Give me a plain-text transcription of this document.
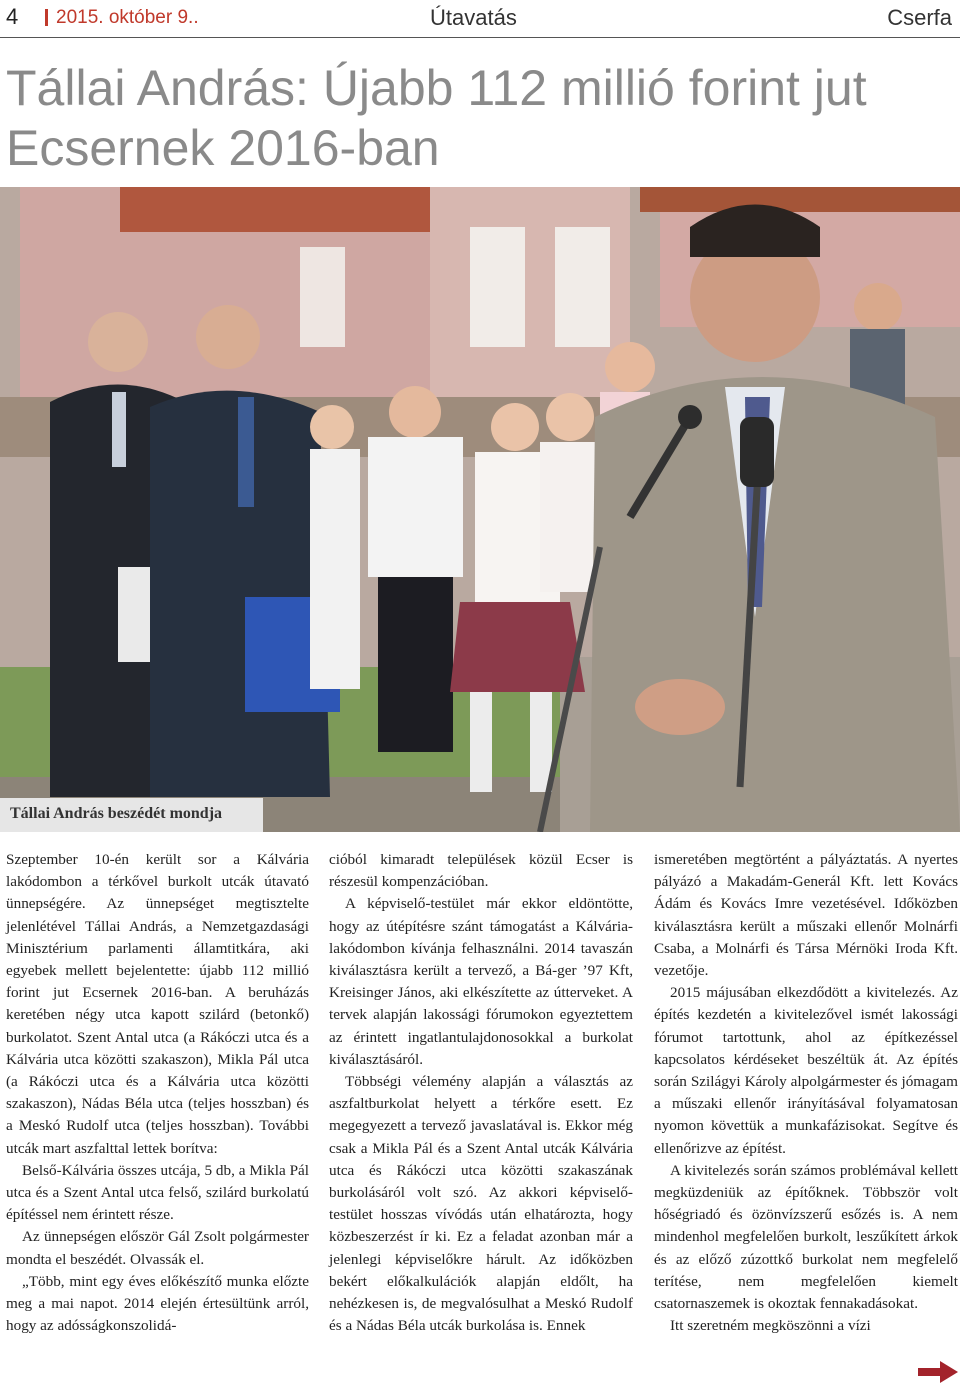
4 2015. október 9..	Útavatás	Cserfa
Tállai András: Újabb 112 millió forint jut Ecsernek 2016-ban
Tállai András beszédét mondja

Szeptember 10-én került sor a Kálvária lakódombon a térkővel burkolt utcák útavató ünnepségére. Az ünnepséget megtisztelte jelenlétével Tállai András, a Nemzetgazdasági Minisztérium parlamenti államtitkára, aki egyebek mellett bejelentette: újabb 112 millió forint jut Ecsernek 2016-ban. A beruházás keretében négy utca kapott szilárd (betonkő) burkolatot. Szent Antal utca (a Rákóczi utca és a Kálvária utca közötti szakaszon), Mikla Pál utca (a Rákóczi utca és a Kálvária utca közötti szakaszon), Nádas Béla utca (teljes hosszban) és a Meskó Rudolf utca (teljes hosszban). További utcák mart aszfalttal lettek borítva:

Belső-Kálvária összes utcája, 5 db, a Mikla Pál utca és a Szent Antal utca felső, szilárd burkolatú építéssel nem érintett része.

Az ünnepségen először Gál Zsolt polgármester mondta el beszédét. Olvassák el.

„Több, mint egy éves előkészítő munka előzte meg a mai napot. 2014 elején értesültünk arról, hogy az adósságkonszolidá-

cióból kimaradt települések közül Ecser is részesül kompenzációban.

A képviselő-testület már ekkor eldöntötte, hogy az útépítésre szánt támogatást a Kálvária-lakódombon kívánja felhasználni. 2014 tavaszán kiválasztásra került a tervező, a Bá-ger ’97 Kft, Kreisinger János, aki elkészítette az útterveket. A tervek alapján lakossági fórumokon egyeztettem az érintett ingatlantulajdonosokkal a burkolat kiválasztásáról.

Többségi vélemény alapján a választás az aszfaltburkolat helyett a térkőre esett. Ez megegyezett a tervező javaslatával is. Ekkor még csak a Mikla Pál és a Szent Antal utcák Kálvária utca és Rákóczi utca közötti szakaszának burkolásáról volt szó. Az akkori képviselő-testület hosszas vívódás után elhatározta, hogy közbeszerzést ír ki. Ez a feladat azonban már a jelenlegi képviselőkre hárult. Az időközben bekért előkalkulációk alapján eldőlt, ha nehézkesen is, de megvalósulhat a Meskó Rudolf és a Nádas Béla utcák burkolása is. Ennek

ismeretében megtörtént a pályáztatás. A nyertes pályázó a Makadám-Generál Kft. lett Kovács Ádám és Kovács Imre vezetésével. Időközben kiválasztásra került a műszaki ellenőr Molnárfi Csaba, a Molnárfi és Társa Mérnöki Iroda Kft. vezetője.

2015 májusában elkezdődött a kivitelezés. Az építés kezdetén a kivitelezővel ismét lakossági fórumot tartottunk, ahol az építkezéssel kapcsolatos kérdéseket beszéltük át. Az építés során Szilágyi Károly alpolgármester és jómagam a műszaki ellenőr irányításával folyamatosan nyomon követtük a munkafázisokat. Segítve és ellenőrizve az építést.

A kivitelezés során számos problémával kellett megküzdeniük az építőknek. Többször volt hőségriadó és özönvízszerű esőzés is. A nem mindenhol megfelelően burkolt, leszűkített árkok és az előző zúzottkő burkolat nem megfelelő terítése, nem megfelelően kiemelt csatornaszemek is okoztak fennakadásokat.

Itt szeretném megköszönni a vízi
